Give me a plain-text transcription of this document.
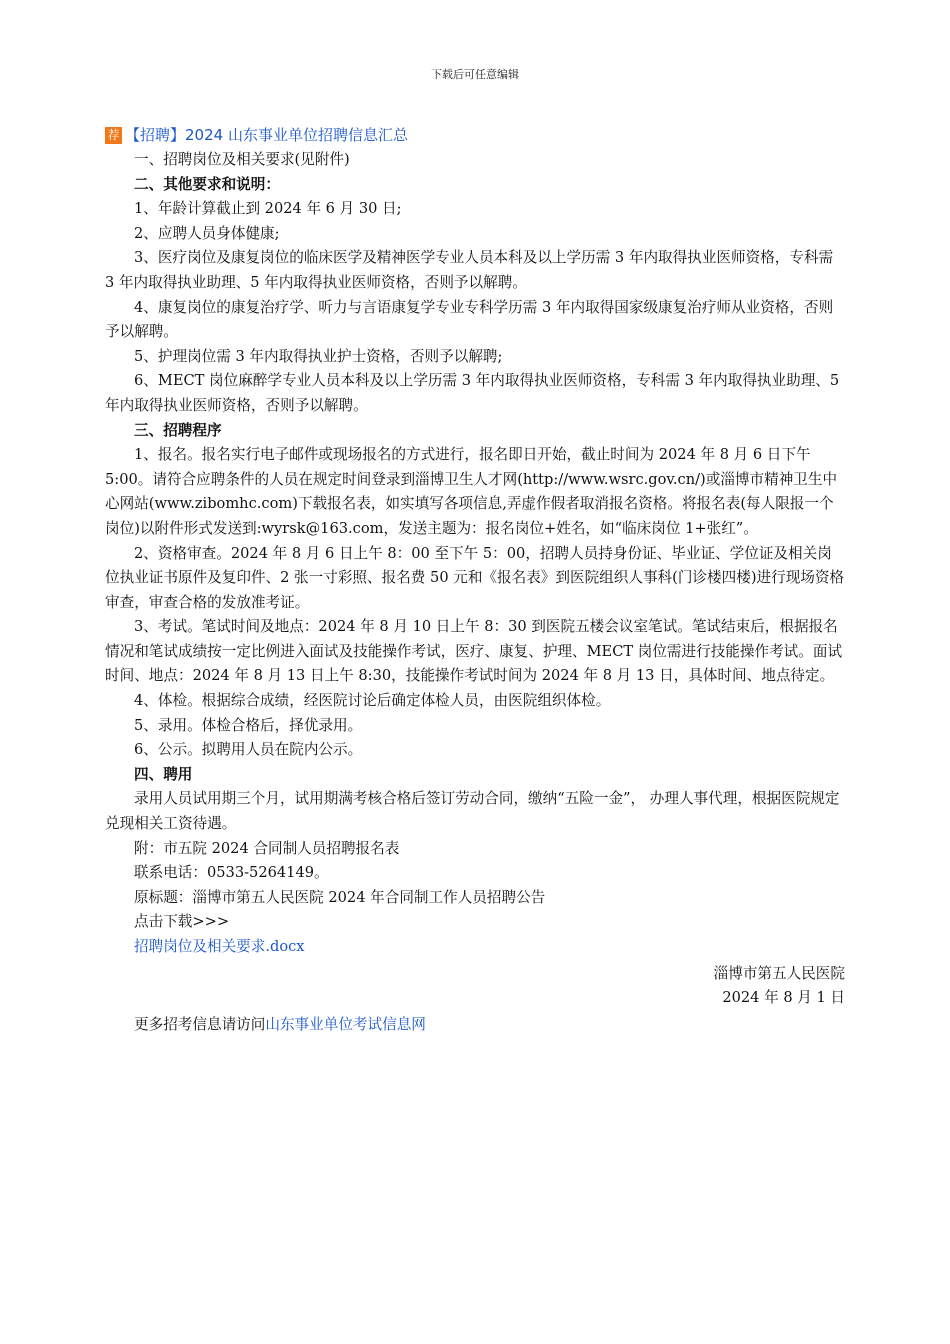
下载后可任意编辑
荐 【招聘】2024 山东事业单位招聘信息汇总

一、招聘岗位及相关要求(见附件)

二、其他要求和说明：

1、年龄计算截止到 2024 年 6 月 30 日;

2、应聘人员身体健康;

3、医疗岗位及康复岗位的临床医学及精神医学专业人员本科及以上学历需 3 年内取得执业医师资格，专科需 3 年内取得执业助理、5 年内取得执业医师资格，否则予以解聘。

4、康复岗位的康复治疗学、听力与言语康复学专业专科学历需 3 年内取得国家级康复治疗师从业资格，否则予以解聘。

5、护理岗位需 3 年内取得执业护士资格，否则予以解聘;

6、MECT 岗位麻醉学专业人员本科及以上学历需 3 年内取得执业医师资格，专科需 3 年内取得执业助理、5 年内取得执业医师资格，否则予以解聘。

三、招聘程序

1、报名。报名实行电子邮件或现场报名的方式进行，报名即日开始，截止时间为 2024 年 8 月 6 日下午 5:00。请符合应聘条件的人员在规定时间登录到淄博卫生人才网(http://www.wsrc.gov.cn/)或淄博市精神卫生中心网站(www.zibomhc.com)下载报名表，如实填写各项信息,弄虚作假者取消报名资格。将报名表(每人限报一个岗位)以附件形式发送到:wyrsk@163.com，发送主题为：报名岗位+姓名，如“临床岗位 1+张红”。

2、资格审查。2024 年 8 月 6 日上午 8：00 至下午 5：00，招聘人员持身份证、毕业证、学位证及相关岗位执业证书原件及复印件、2 张一寸彩照、报名费 50 元和《报名表》到医院组织人事科(门诊楼四楼)进行现场资格审查，审查合格的发放准考证。

3、考试。笔试时间及地点：2024 年 8 月 10 日上午 8：30 到医院五楼会议室笔试。笔试结束后，根据报名情况和笔试成绩按一定比例进入面试及技能操作考试，医疗、康复、护理、MECT 岗位需进行技能操作考试。面试时间、地点：2024 年 8 月 13 日上午 8:30，技能操作考试时间为 2024 年 8 月 13 日，具体时间、地点待定。

4、体检。根据综合成绩，经医院讨论后确定体检人员，由医院组织体检。

5、录用。体检合格后，择优录用。

6、公示。拟聘用人员在院内公示。

四、聘用

录用人员试用期三个月，试用期满考核合格后签订劳动合同，缴纳“五险一金”， 办理人事代理，根据医院规定兑现相关工资待遇。

附：市五院 2024 合同制人员招聘报名表

联系电话：0533-5264149。

原标题：淄博市第五人民医院 2024 年合同制工作人员招聘公告

点击下载>>>

招聘岗位及相关要求.docx

淄博市第五人民医院

2024 年 8 月 1 日

更多招考信息请访问山东事业单位考试信息网
